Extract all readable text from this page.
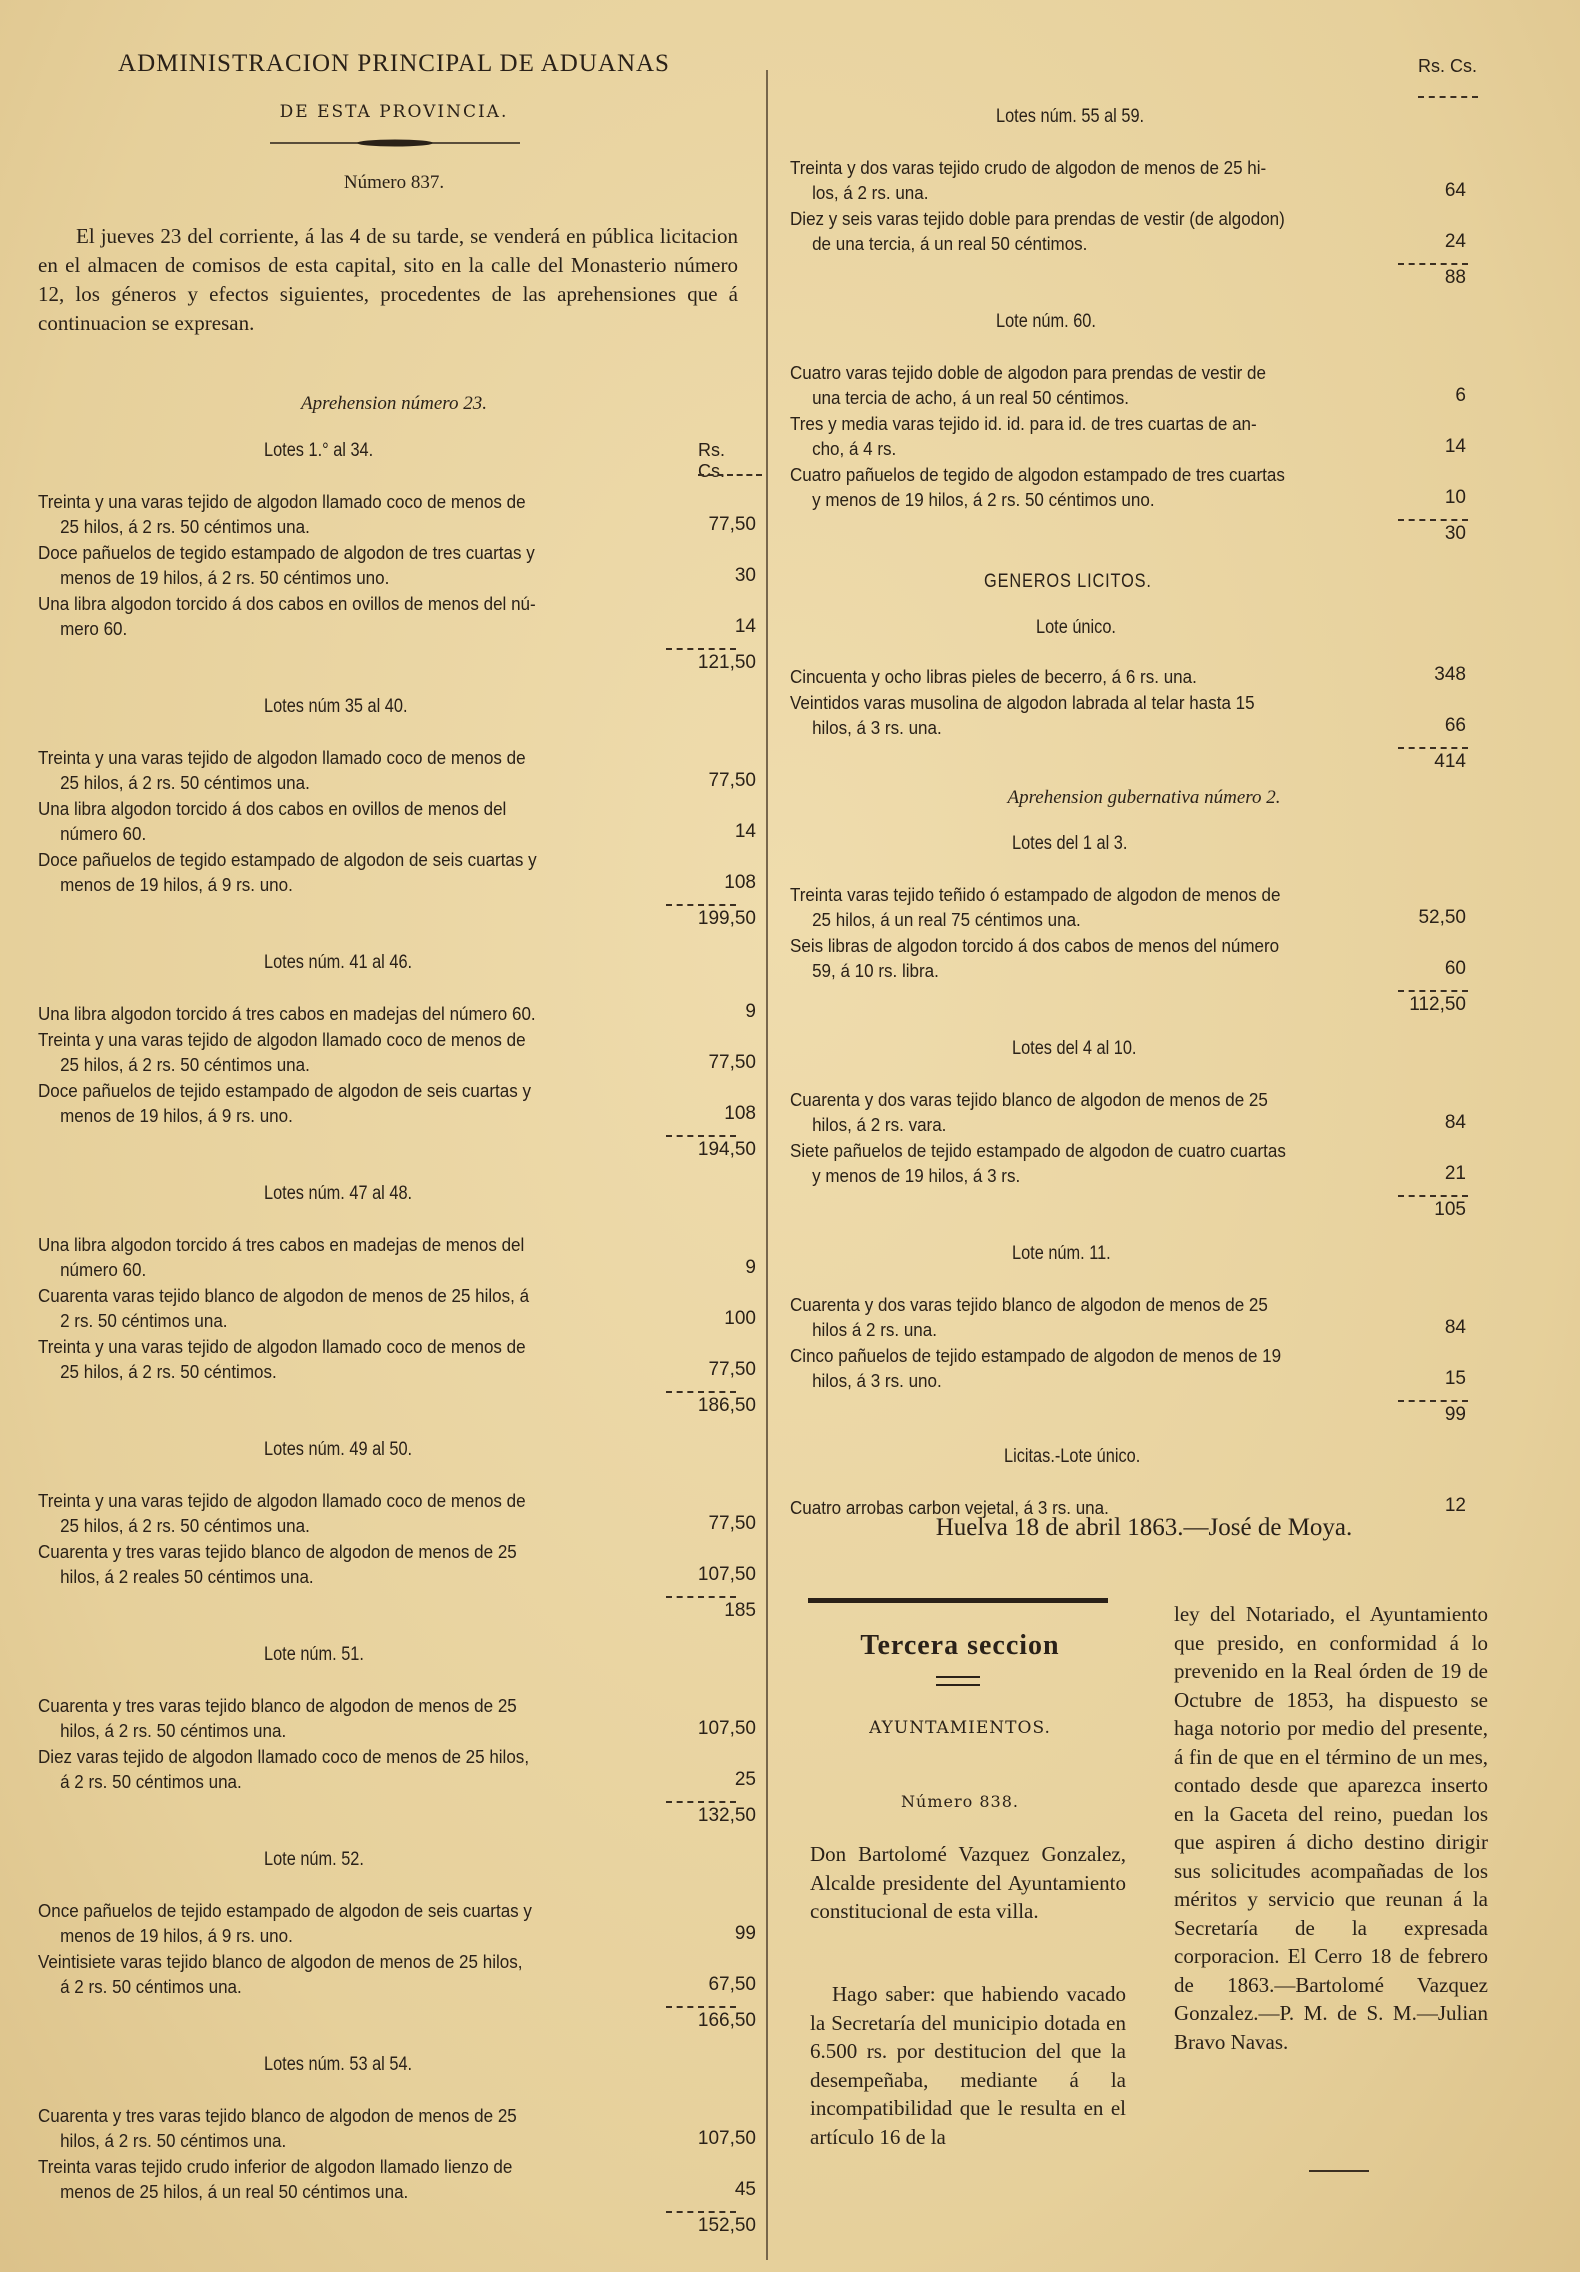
ADMINISTRACION PRINCIPAL DE ADUANAS
DE ESTA PROVINCIA.
Número 837.
El jueves 23 del corriente, á las 4 de su tarde, se venderá en pública licitacion en el almacen de comisos de esta capital, sito en la calle del Monasterio número 12, los géneros y efectos siguientes, procedentes de las aprehensiones que á continuacion se expresan.
Aprehension número 23.
Lotes 1.° al 34.	Rs. Cs.
Treinta y una varas tejido de algodon llamado coco de menos de
25 hilos, á 2 rs. 50 céntimos una.	77,50
Doce pañuelos de tegido estampado de algodon de tres cuartas y
menos de 19 hilos, á 2 rs. 50 céntimos uno.	30
Una libra algodon torcido á dos cabos en ovillos de menos del nú-
mero 60.	14
121,50
Lotes núm 35 al 40.
Treinta y una varas tejido de algodon llamado coco de menos de
25 hilos, á 2 rs. 50 céntimos una.	77,50
Una libra algodon torcido á dos cabos en ovillos de menos del
número 60.	14
Doce pañuelos de tegido estampado de algodon de seis cuartas y
menos de 19 hilos, á 9 rs. uno.	108
199,50
Lotes núm. 41 al 46.
Una libra algodon torcido á tres cabos en madejas del número 60.	9
Treinta y una varas tejido de algodon llamado coco de menos de
25 hilos, á 2 rs. 50 céntimos una.	77,50
Doce pañuelos de tejido estampado de algodon de seis cuartas y
menos de 19 hilos, á 9 rs. uno.	108
194,50
Lotes núm. 47 al 48.
Una libra algodon torcido á tres cabos en madejas de menos del
número 60.	9
Cuarenta varas tejido blanco de algodon de menos de 25 hilos, á
2 rs. 50 céntimos una.	100
Treinta y una varas tejido de algodon llamado coco de menos de
25 hilos, á 2 rs. 50 céntimos.	77,50
186,50
Lotes núm. 49 al 50.
Treinta y una varas tejido de algodon llamado coco de menos de
25 hilos, á 2 rs. 50 céntimos una.	77,50
Cuarenta y tres varas tejido blanco de algodon de menos de 25
hilos, á 2 reales 50 céntimos una.	107,50
185
Lote núm. 51.
Cuarenta y tres varas tejido blanco de algodon de menos de 25
hilos, á 2 rs. 50 céntimos una.	107,50
Diez varas tejido de algodon llamado coco de menos de 25 hilos,
á 2 rs. 50 céntimos una.	25
132,50
Lote núm. 52.
Once pañuelos de tejido estampado de algodon de seis cuartas y
menos de 19 hilos, á 9 rs. uno.	99
Veintisiete varas tejido blanco de algodon de menos de 25 hilos,
á 2 rs. 50 céntimos una.	67,50
166,50
Lotes núm. 53 al 54.
Cuarenta y tres varas tejido blanco de algodon de menos de 25
hilos, á 2 rs. 50 céntimos una.	107,50
Treinta varas tejido crudo inferior de algodon llamado lienzo de
menos de 25 hilos, á un real 50 céntimos una.	45
152,50
Rs. Cs.
Lotes núm. 55 al 59.
Treinta y dos varas tejido crudo de algodon de menos de 25 hi-
los, á 2 rs. una.	64
Diez y seis varas tejido doble para prendas de vestir (de algodon)
de una tercia, á un real 50 céntimos.	24
88
Lote núm. 60.
Cuatro varas tejido doble de algodon para prendas de vestir de
una tercia de acho, á un real 50 céntimos.	6
Tres y media varas tejido id. id. para id. de tres cuartas de an-
cho, á 4 rs.	14
Cuatro pañuelos de tegido de algodon estampado de tres cuartas
y menos de 19 hilos, á 2 rs. 50 céntimos uno.	10
30
GENEROS LICITOS.
Lote único.
Cincuenta y ocho libras pieles de becerro, á 6 rs. una.	348
Veintidos varas musolina de algodon labrada al telar hasta 15
hilos, á 3 rs. una.	66
414
Aprehension gubernativa número 2.
Lotes del 1 al 3.
Treinta varas tejido teñido ó estampado de algodon de menos de
25 hilos, á un real 75 céntimos una.	52,50
Seis libras de algodon torcido á dos cabos de menos del número
59, á 10 rs. libra.	60
112,50
Lotes del 4 al 10.
Cuarenta y dos varas tejido blanco de algodon de menos de 25
hilos, á 2 rs. vara.	84
Siete pañuelos de tejido estampado de algodon de cuatro cuartas
y menos de 19 hilos, á 3 rs.	21
105
Lote núm. 11.
Cuarenta y dos varas tejido blanco de algodon de menos de 25
hilos á 2 rs. una.	84
Cinco pañuelos de tejido estampado de algodon de menos de 19
hilos, á 3 rs. uno.	15
99
Licitas.-Lote único.
Cuatro arrobas carbon vejetal, á 3 rs. una.	12
Huelva 18 de abril 1863.—José de Moya.
Tercera seccion
AYUNTAMIENTOS.
Número 838.
Don Bartolomé Vazquez Gonzalez, Alcalde presidente del Ayuntamiento constitucional de esta villa.
Hago saber: que habiendo vacado la Secretaría del municipio dotada en 6.500 rs. por destitucion del que la desempeñaba, mediante á la incompatibilidad que le resulta en el artículo 16 de la
ley del Notariado, el Ayuntamiento que presido, en conformidad á lo prevenido en la Real órden de 19 de Octubre de 1853, ha dispuesto se haga notorio por medio del presente, á fin de que en el término de un mes, contado desde que aparezca inserto en la Gaceta del reino, puedan los que aspiren á dicho destino dirigir sus solicitudes acompañadas de los méritos y servicio que reunan á la Secretaría de la expresada corporacion. El Cerro 18 de febrero de 1863.—Bartolomé Vazquez Gonzalez.—P. M. de S. M.—Julian Bravo Navas.
